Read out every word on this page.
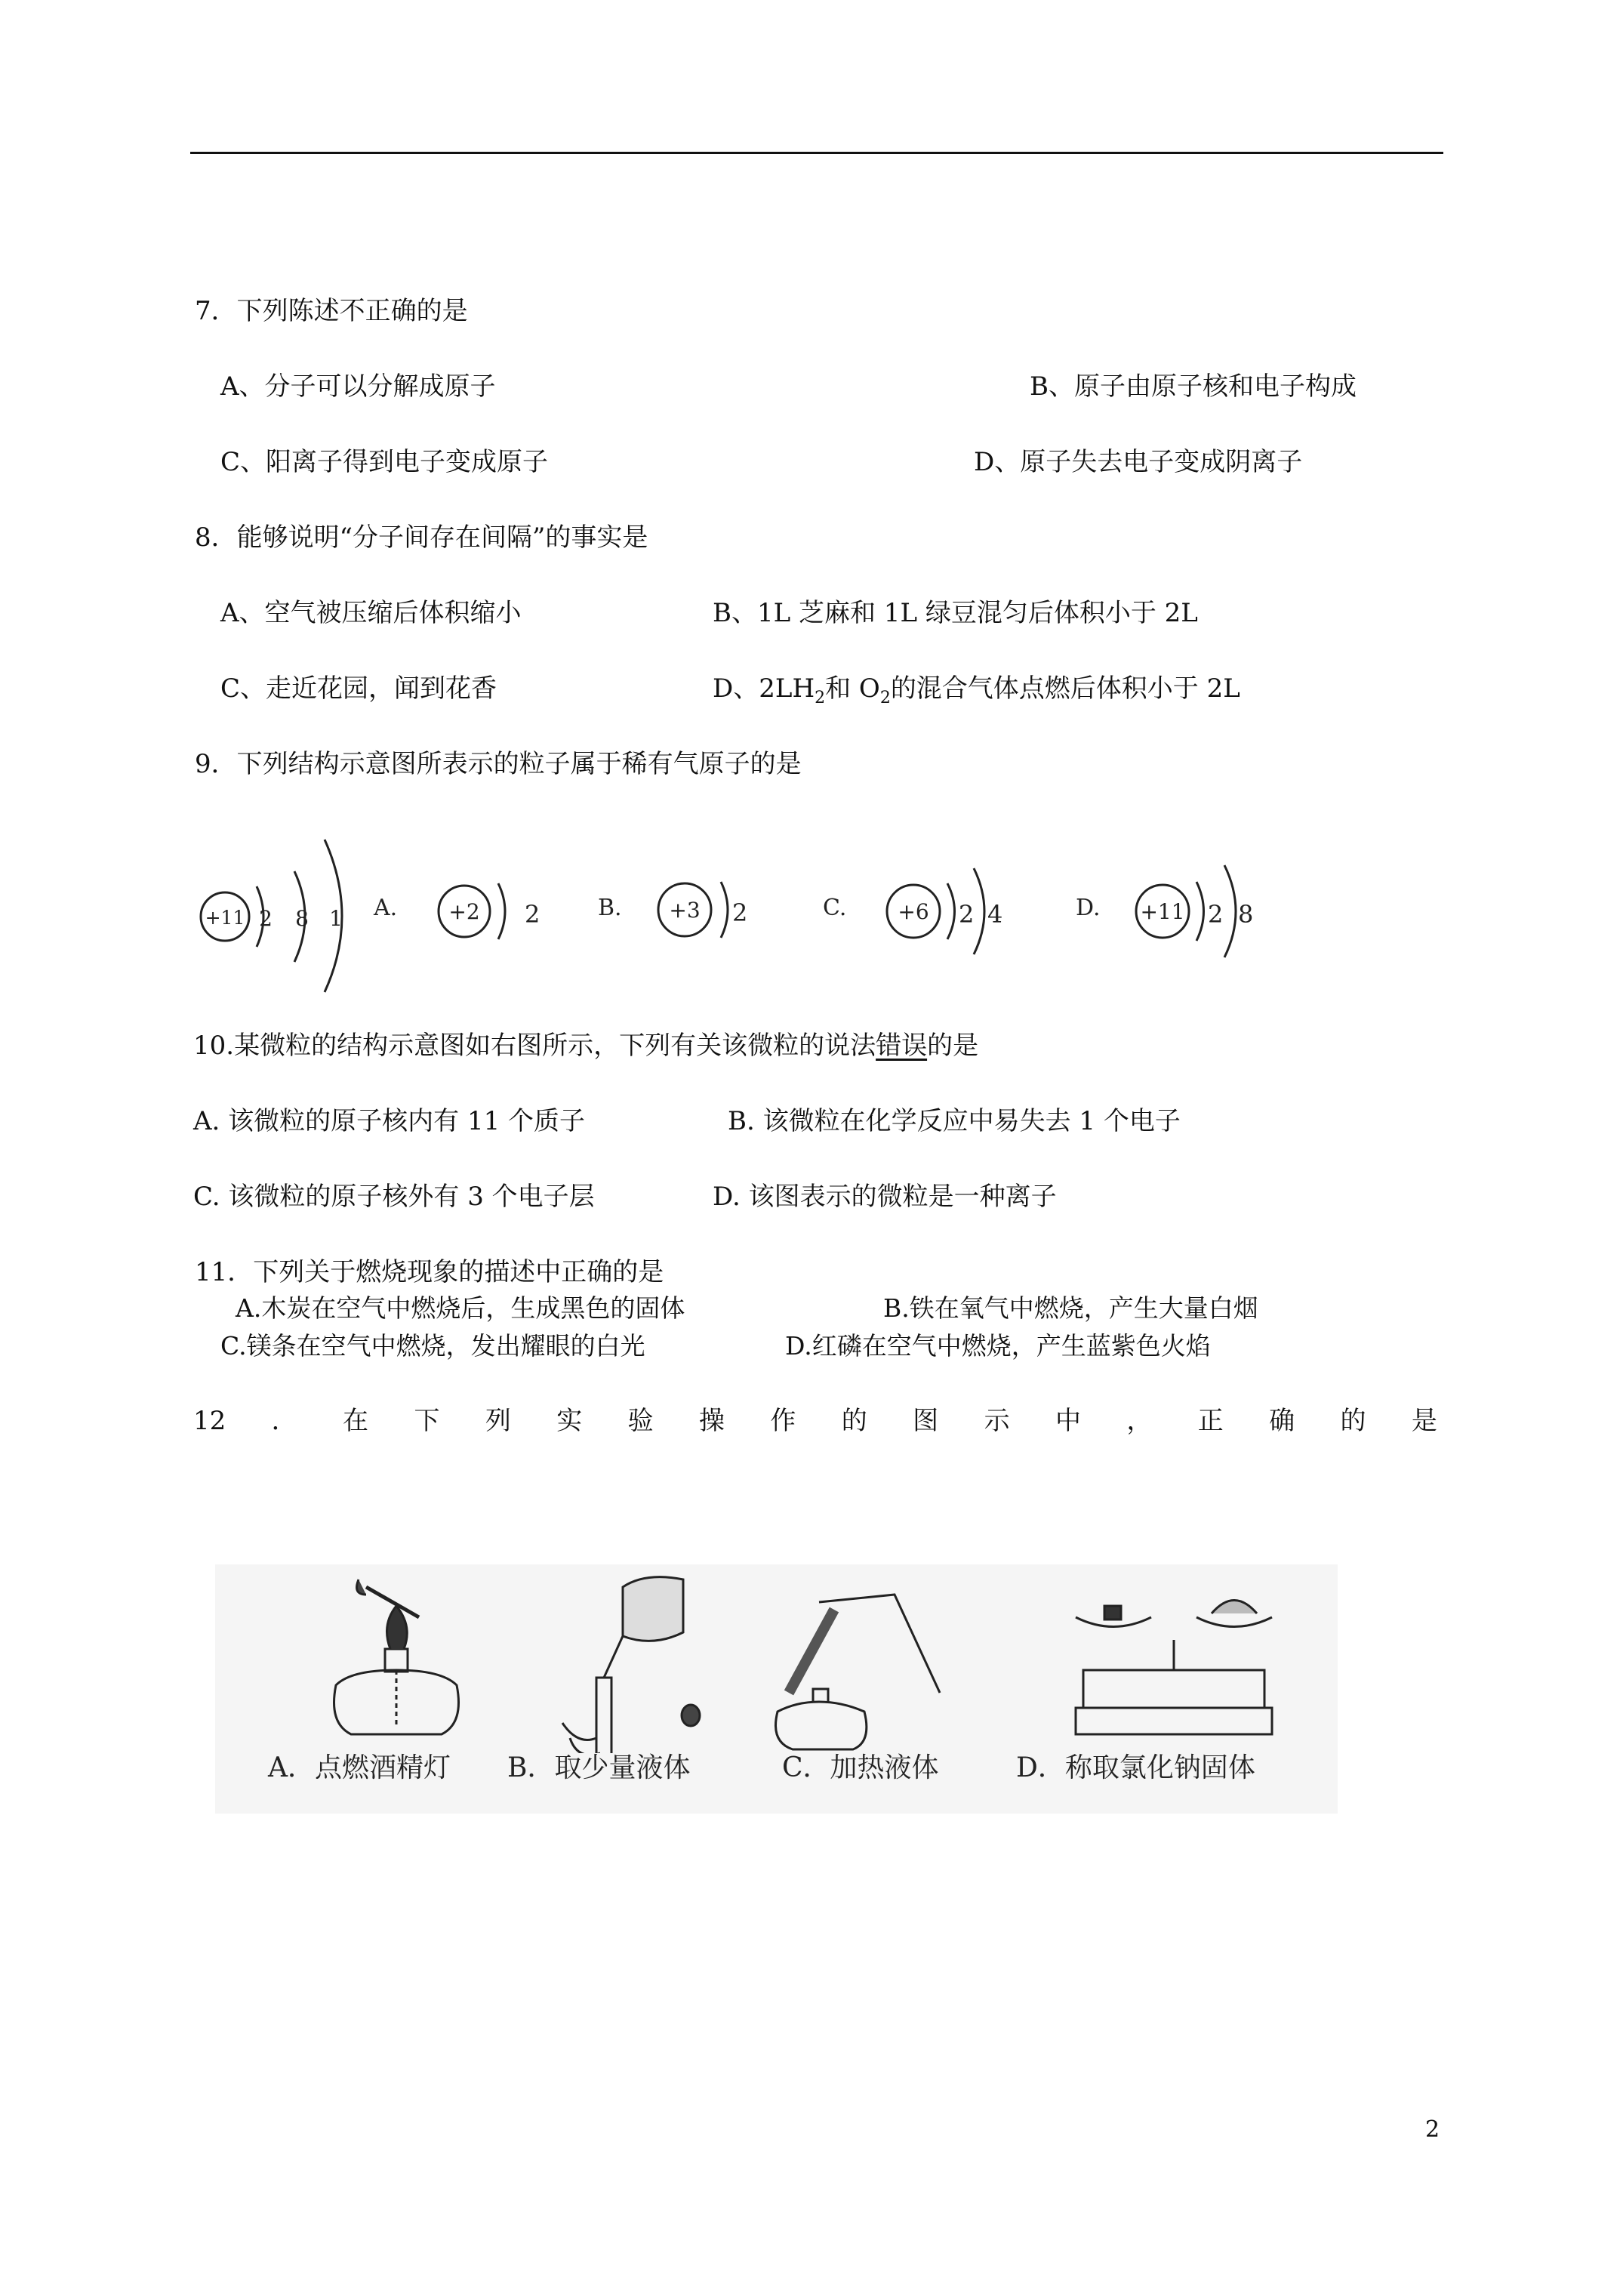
7．下列陈述不正确的是
A、分子可以分解成原子	B、原子由原子核和电子构成
C、阳离子得到电子变成原子	D、原子失去电子变成阴离子
8．能够说明“分子间存在间隔”的事实是
A、空气被压缩后体积缩小	B、1L 芝麻和 1L 绿豆混匀后体积小于 2L
C、走近花园，闻到花香	D、$2LH_2$和 $O_2$的混合气体点燃后体积小于 2L
9．下列结构示意图所表示的粒子属于稀有气原子的是
+11 2 8 1 A. +2 2	B. +3 2	C. +6 2 4	D. +11 2 8
10.某微粒的结构示意图如右图所示，下列有关该微粒的说法错误的是
A. 该微粒的原子核内有 11 个质子	B. 该微粒在化学反应中易失去 1 个电子
C. 该微粒的原子核外有 3 个电子层	D. 该图表示的微粒是一种离子
11．下列关于燃烧现象的描述中正确的是
A.木炭在空气中燃烧后，生成黑色的固体	B.铁在氧气中燃烧，产生大量白烟
C.镁条在空气中燃烧，发出耀眼的白光	D.红磷在空气中燃烧，产生蓝紫色火焰
12 ． 在 下 列 实 验 操 作 的 图 示 中 ， 正 确 的 是
A．点燃酒精灯 B．取少量液体	C．加热液体	D．称取氯化钠固体
2
